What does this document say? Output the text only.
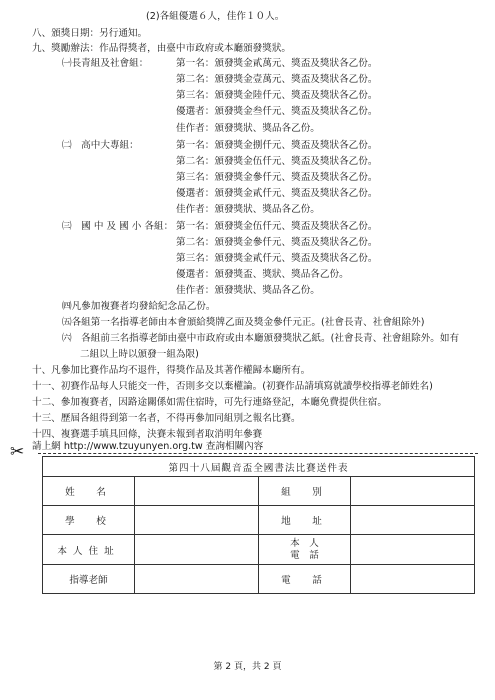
(2)各組優選６人，佳作１０人。
八、頒獎日期：另行通知。
九、獎勵辦法：作品得獎者，由臺中市政府或本廳頒發獎狀。
㈠長青組及社會組：	第一名：頒發獎金貳萬元、獎盃及獎狀各乙份。
第二名：頒發獎金壹萬元、獎盃及獎狀各乙份。
第三名：頒發獎金陸仟元、獎盃及獎狀各乙份。
優選者：頒發獎金叁仟元、獎盃及獎狀各乙份。
佳作者：頒發獎狀、獎品各乙份。
㈡　高中大專組：	第一名：頒發獎金捌仟元、獎盃及獎狀各乙份。
第二名：頒發獎金伍仟元、獎盃及獎狀各乙份。
第三名：頒發獎金參仟元、獎盃及獎狀各乙份。
優選者：頒發獎金貳仟元、獎盃及獎狀各乙份。
佳作者：頒發獎狀、獎品各乙份。
㈢　國 中 及 國 小 各組： 第一名：頒發獎金伍仟元、獎盃及獎狀各乙份。
第二名：頒發獎金參仟元、獎盃及獎狀各乙份。
第三名：頒發獎金貳仟元、獎盃及獎狀各乙份。
優選者：頒發獎盃、獎狀、獎品各乙份。
佳作者：頒發獎狀、獎品各乙份。
㈣凡參加複賽者均發給紀念品乙份。
㈤各組第一名指導老師由本會頒給獎牌乙面及獎金參仟元正。(社會長青、社會組除外)
㈥　各組前三名指導老師由臺中市政府或由本廳頒發獎狀乙紙。(社會長青、社會組除外。如有
二組以上時以頒發一組為限)
十、凡參加比賽作品均不退件，得獎作品及其著作權歸本廳所有。
十一、初賽作品每人只能交一件，否則多交以棄權論。(初賽作品請填寫就讀學校指導老師姓名)
十二、參加複賽者，因路途關係如需住宿時，可先行連絡登記，本廳免費提供住宿。
十三、歷屆各組得到第一名者，不得再參加同組別之報名比賽。
十四、複賽選手填具回條，決賽未報到者取消明年參賽
請上網 http://www.tzuyunyen.org.tw 查詢相關內容
✂
第四十八屆觀音盃全國書法比賽送件表			
姓　名		組　別	
學　校		地　址	
本人住址		本　人
電　話	

指導老師		電　話	
第 2 頁，共 2 頁
